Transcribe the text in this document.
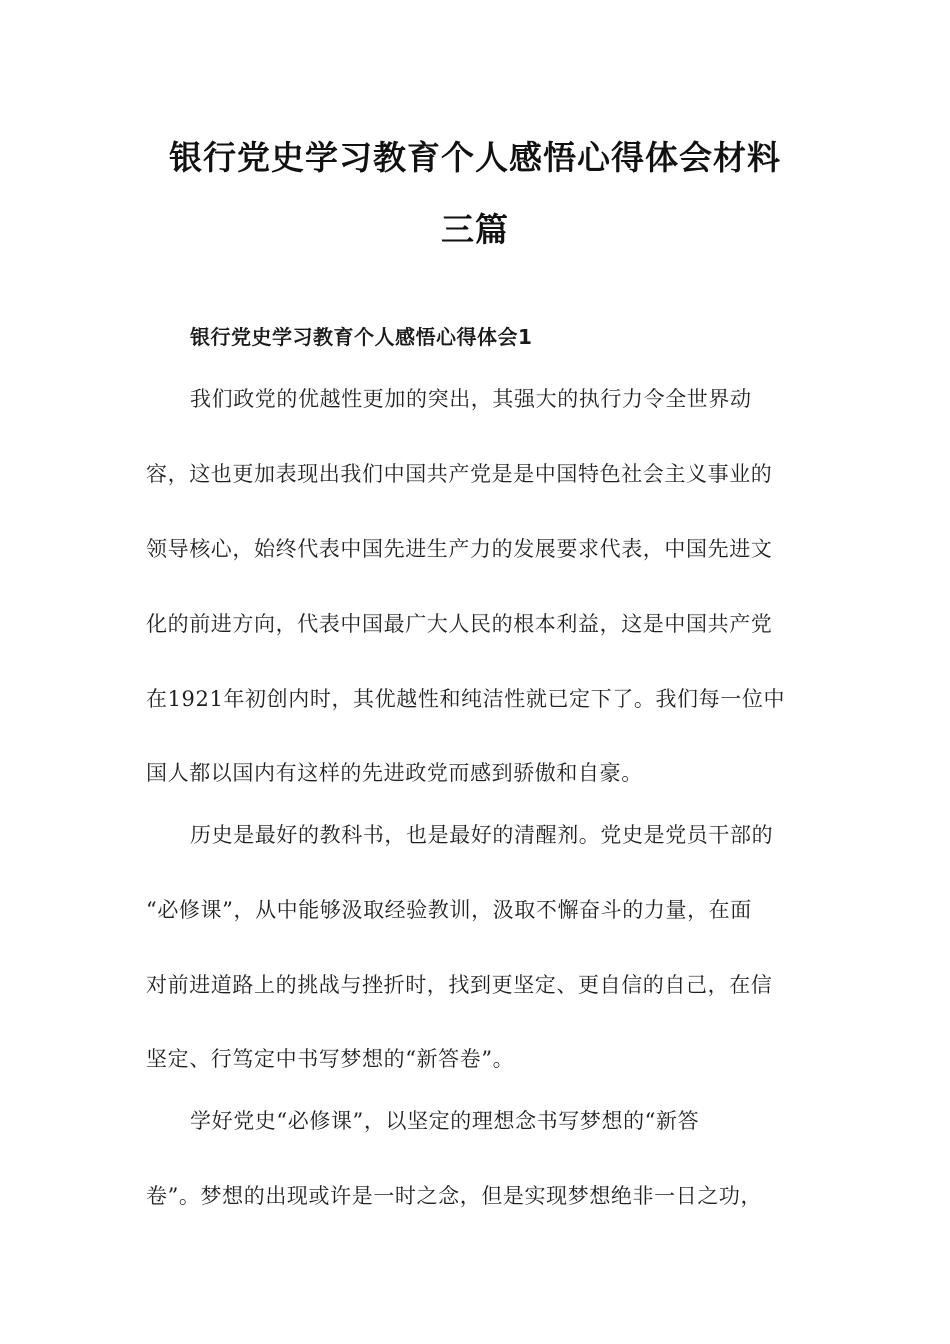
银行党史学习教育个人感悟心得体会材料
三篇
银行党史学习教育个人感悟心得体会1
我们政党的优越性更加的突出，其强大的执行力令全世界动
容，这也更加表现出我们中国共产党是是中国特色社会主义事业的
领导核心，始终代表中国先进生产力的发展要求代表，中国先进文
化的前进方向，代表中国最广大人民的根本利益，这是中国共产党
在1921年初创内时，其优越性和纯洁性就已定下了。我们每一位中
国人都以国内有这样的先进政党而感到骄傲和自豪。
历史是最好的教科书，也是最好的清醒剂。党史是党员干部的
“必修课”，从中能够汲取经验教训，汲取不懈奋斗的力量，在面
对前进道路上的挑战与挫折时，找到更坚定、更自信的自己，在信
坚定、行笃定中书写梦想的“新答卷”。
学好党史“必修课”，以坚定的理想念书写梦想的“新答
卷”。梦想的出现或许是一时之念，但是实现梦想绝非一日之功，
